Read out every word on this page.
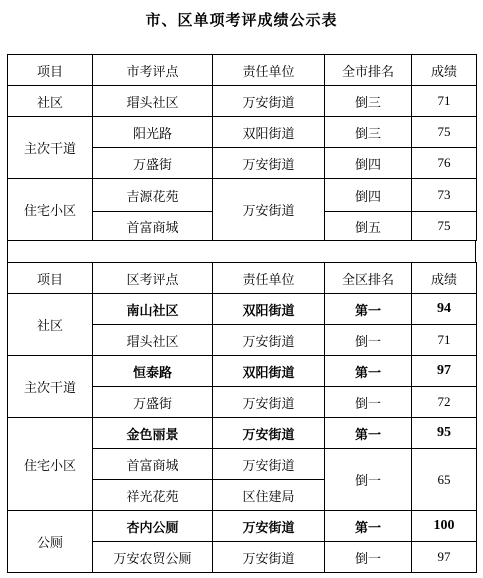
市、区单项考评成绩公示表
项目	市考评点	责任单位	全市排名	成绩
社区	瑁头社区	万安街道	倒三	71
主次干道	阳光路	双阳街道	倒三	75
	万盛街	万安街道	倒四	76
住宅小区	吉源花苑	万安街道	倒四	73
	首富商城		倒五	75
项目	区考评点	责任单位	全区排名	成绩
社区	南山社区	双阳街道	第一	94
	瑁头社区	万安街道	倒一	71
主次干道	恒泰路	双阳街道	第一	97
	万盛街	万安街道	倒一	72
住宅小区	金色丽景	万安街道	第一	95
	首富商城	万安街道	倒一	65
	祥光花苑	区住建局		
公厕	杏内公厕	万安街道	第一	100
	万安农贸公厕	万安街道	倒一	97
